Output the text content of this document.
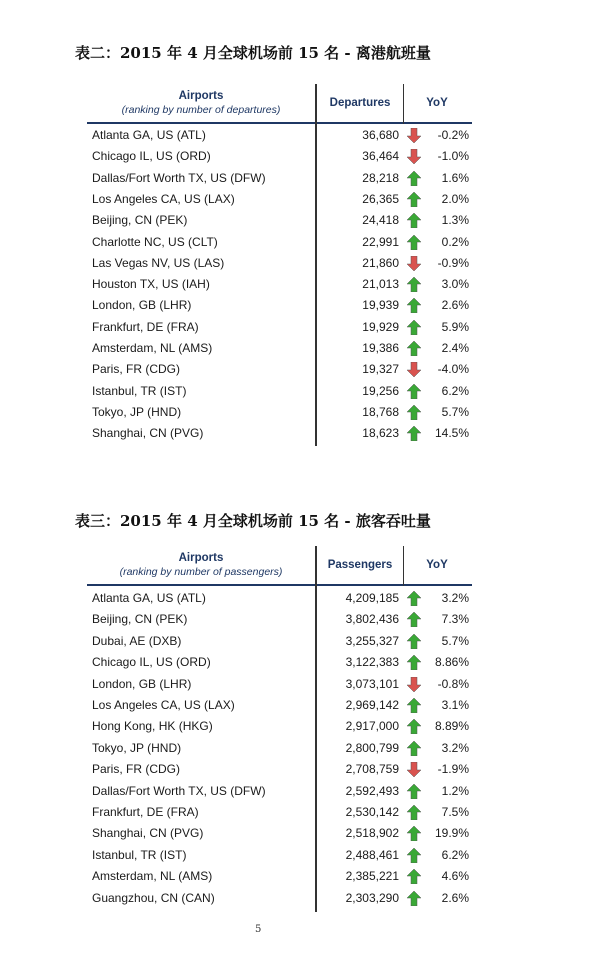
表二：2015 年 4 月全球机场前 15 名 - 离港航班量
Airports
(ranking by number of departures)
Departures	YoY
Atlanta GA, US (ATL)	36,680	-0.2%
Chicago IL, US (ORD)	36,464	-1.0%
Dallas/Fort Worth TX, US (DFW)	28,218	1.6%
Los Angeles CA, US (LAX)	26,365	2.0%
Beijing, CN (PEK)	24,418	1.3%
Charlotte NC, US (CLT)	22,991	0.2%
Las Vegas NV, US (LAS)	21,860	-0.9%
Houston TX, US (IAH)	21,013	3.0%
London, GB (LHR)	19,939	2.6%
Frankfurt, DE (FRA)	19,929	5.9%
Amsterdam, NL (AMS)	19,386	2.4%
Paris, FR (CDG)	19,327	-4.0%
Istanbul, TR (IST)	19,256	6.2%
Tokyo, JP (HND)	18,768	5.7%
Shanghai, CN (PVG)	18,623	14.5%
表三：2015 年 4 月全球机场前 15 名 - 旅客吞吐量
Airports
(ranking by number of passengers)
Passengers	YoY
Atlanta GA, US (ATL)	4,209,185	3.2%
Beijing, CN (PEK)	3,802,436	7.3%
Dubai, AE (DXB)	3,255,327	5.7%
Chicago IL, US (ORD)	3,122,383	8.86%
London, GB (LHR)	3,073,101	-0.8%
Los Angeles CA, US (LAX)	2,969,142	3.1%
Hong Kong, HK (HKG)	2,917,000	8.89%
Tokyo, JP (HND)	2,800,799	3.2%
Paris, FR (CDG)	2,708,759	-1.9%
Dallas/Fort Worth TX, US (DFW)	2,592,493	1.2%
Frankfurt, DE (FRA)	2,530,142	7.5%
Shanghai, CN (PVG)	2,518,902	19.9%
Istanbul, TR (IST)	2,488,461	6.2%
Amsterdam, NL (AMS)	2,385,221	4.6%
Guangzhou, CN (CAN)	2,303,290	2.6%
5
